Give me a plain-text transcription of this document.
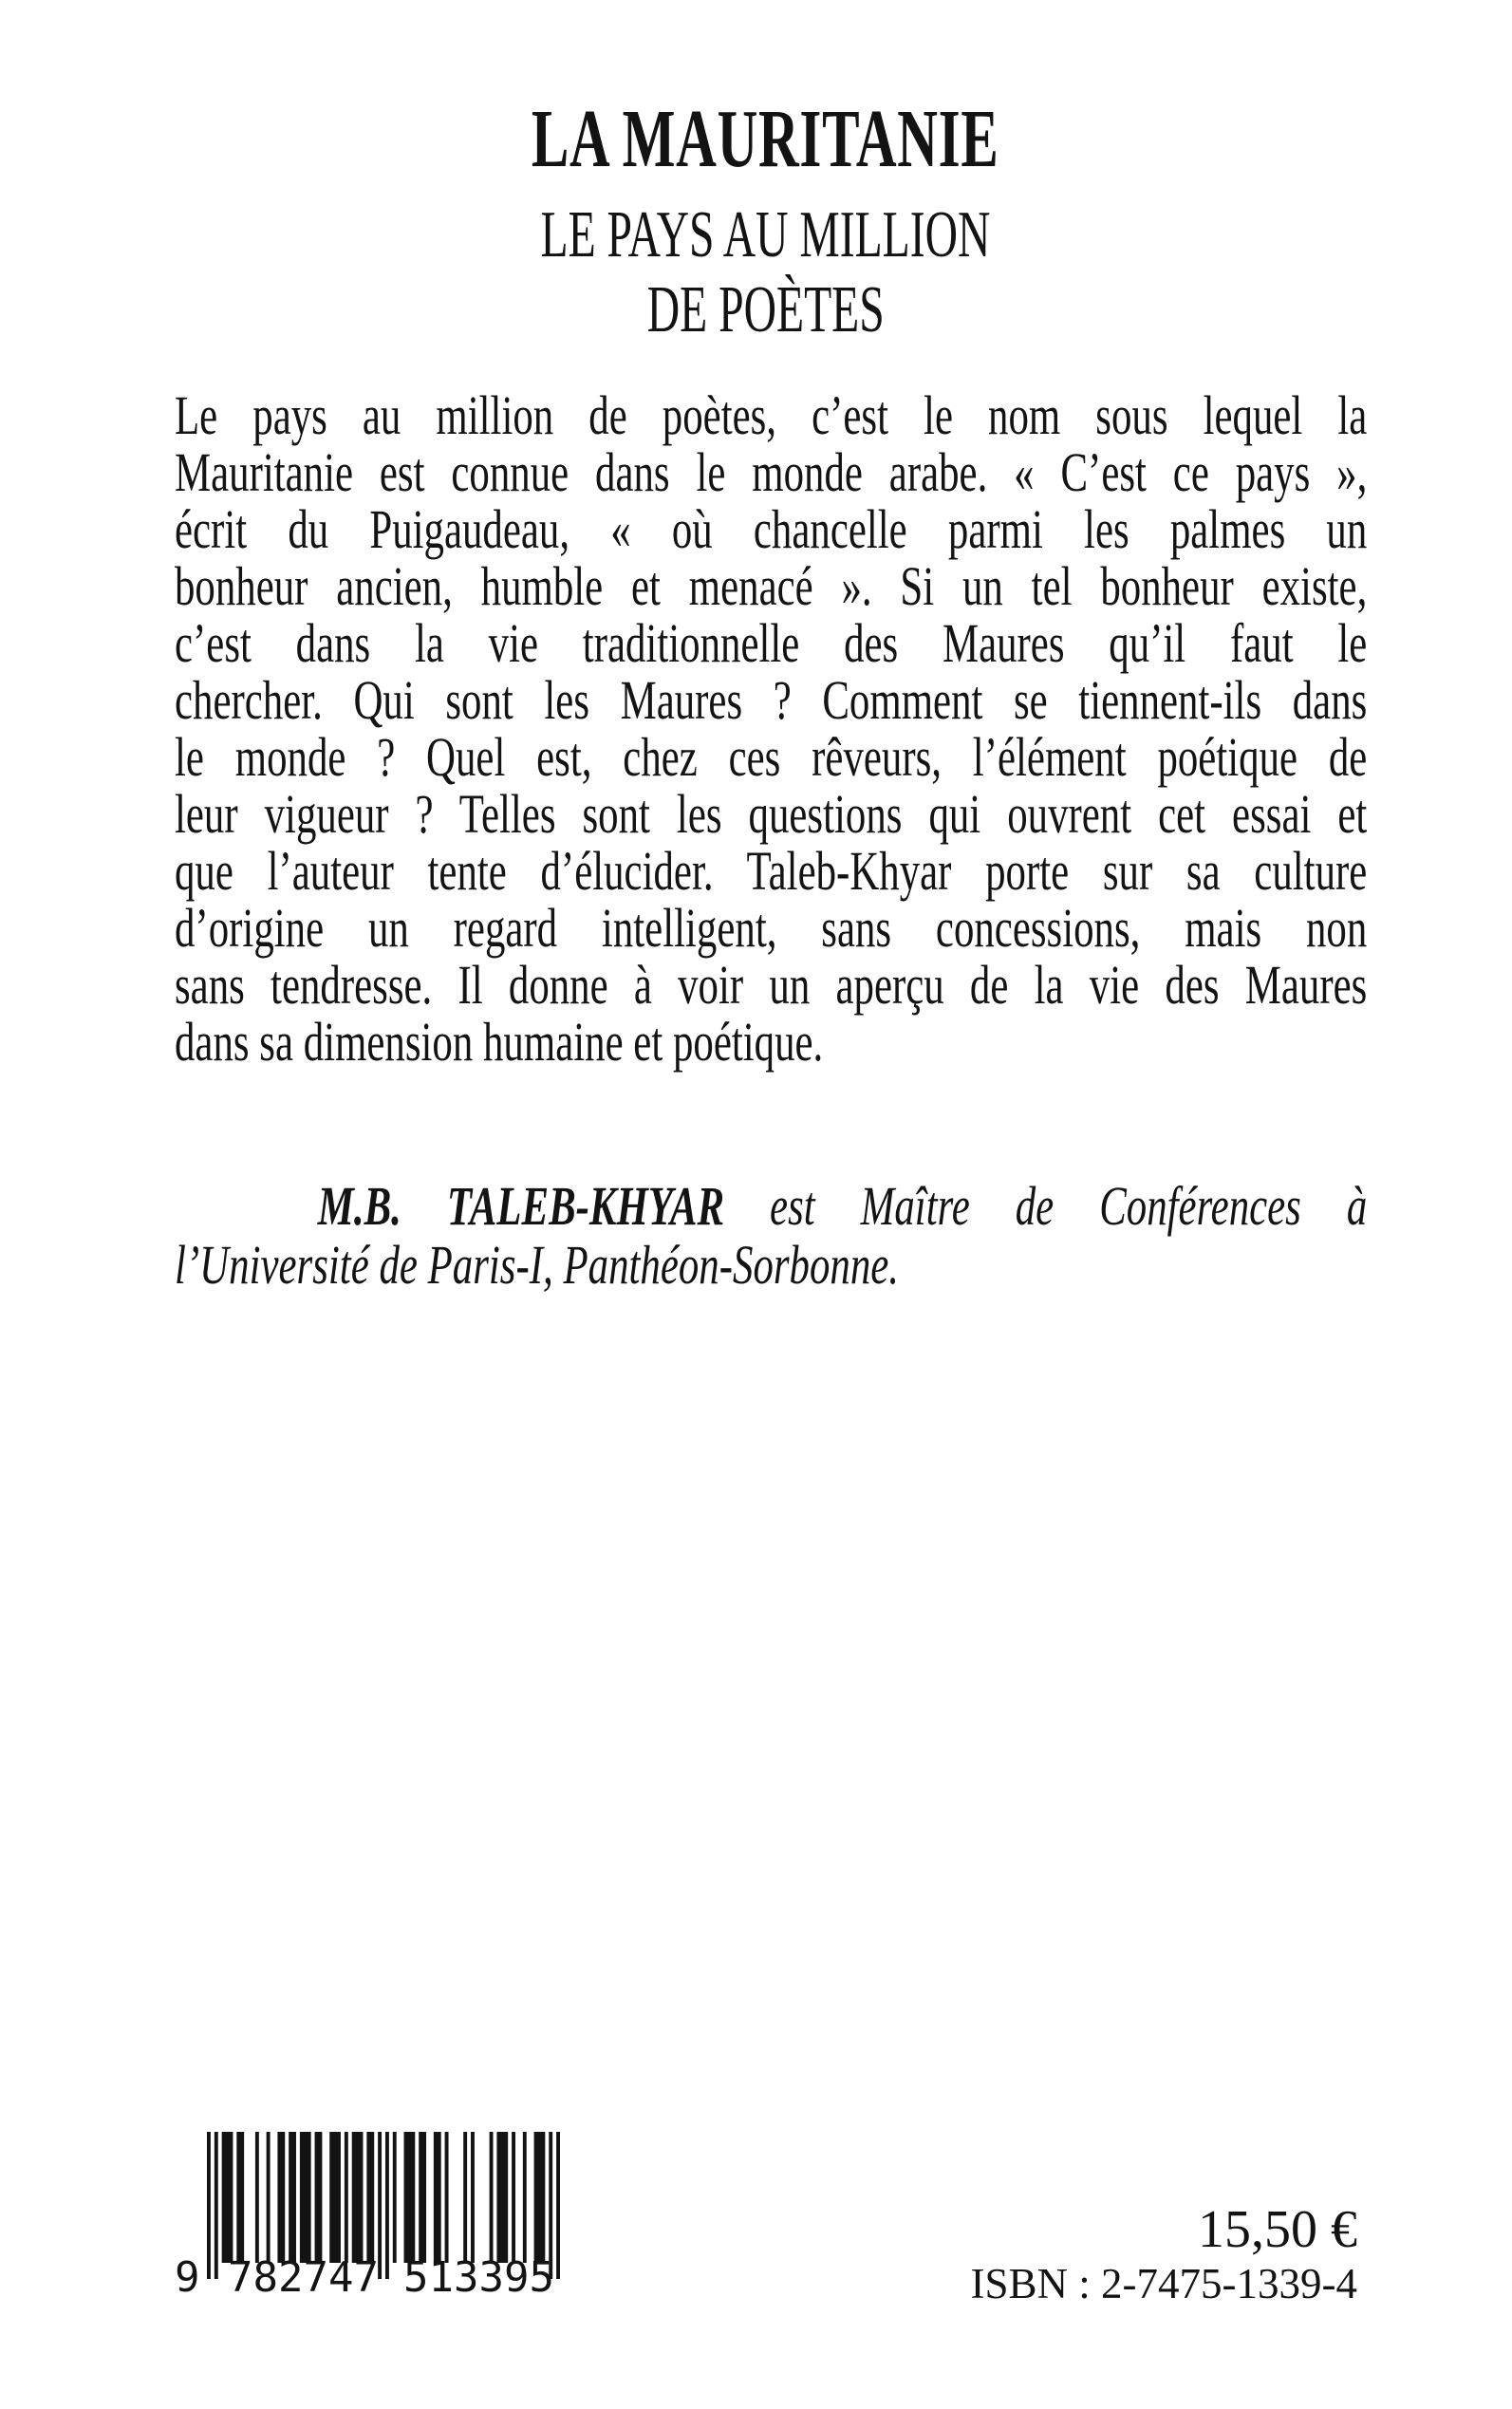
LA MAURITANIE
LE PAYS AU MILLION
DE POÈTES
Le pays au million de poètes, c’est le nom sous lequel la
Mauritanie est connue dans le monde arabe. « C’est ce pays »,
écrit du Puigaudeau, « où chancelle parmi les palmes un
bonheur ancien, humble et menacé ». Si un tel bonheur existe,
c’est dans la vie traditionnelle des Maures qu’il faut le
chercher. Qui sont les Maures ? Comment se tiennent-ils dans
le monde ? Quel est, chez ces rêveurs, l’élément poétique de
leur vigueur ? Telles sont les questions qui ouvrent cet essai et
que l’auteur tente d’élucider. Taleb-Khyar porte sur sa culture
d’origine un regard intelligent, sans concessions, mais non
sans tendresse. Il donne à voir un aperçu de la vie des Maures
dans sa dimension humaine et poétique.
M.B. TALEB-KHYAR est Maître de Conférences à
l’Université de Paris-I, Panthéon-Sorbonne.
9 782747 513395
15,50 €
ISBN : 2-7475-1339-4
